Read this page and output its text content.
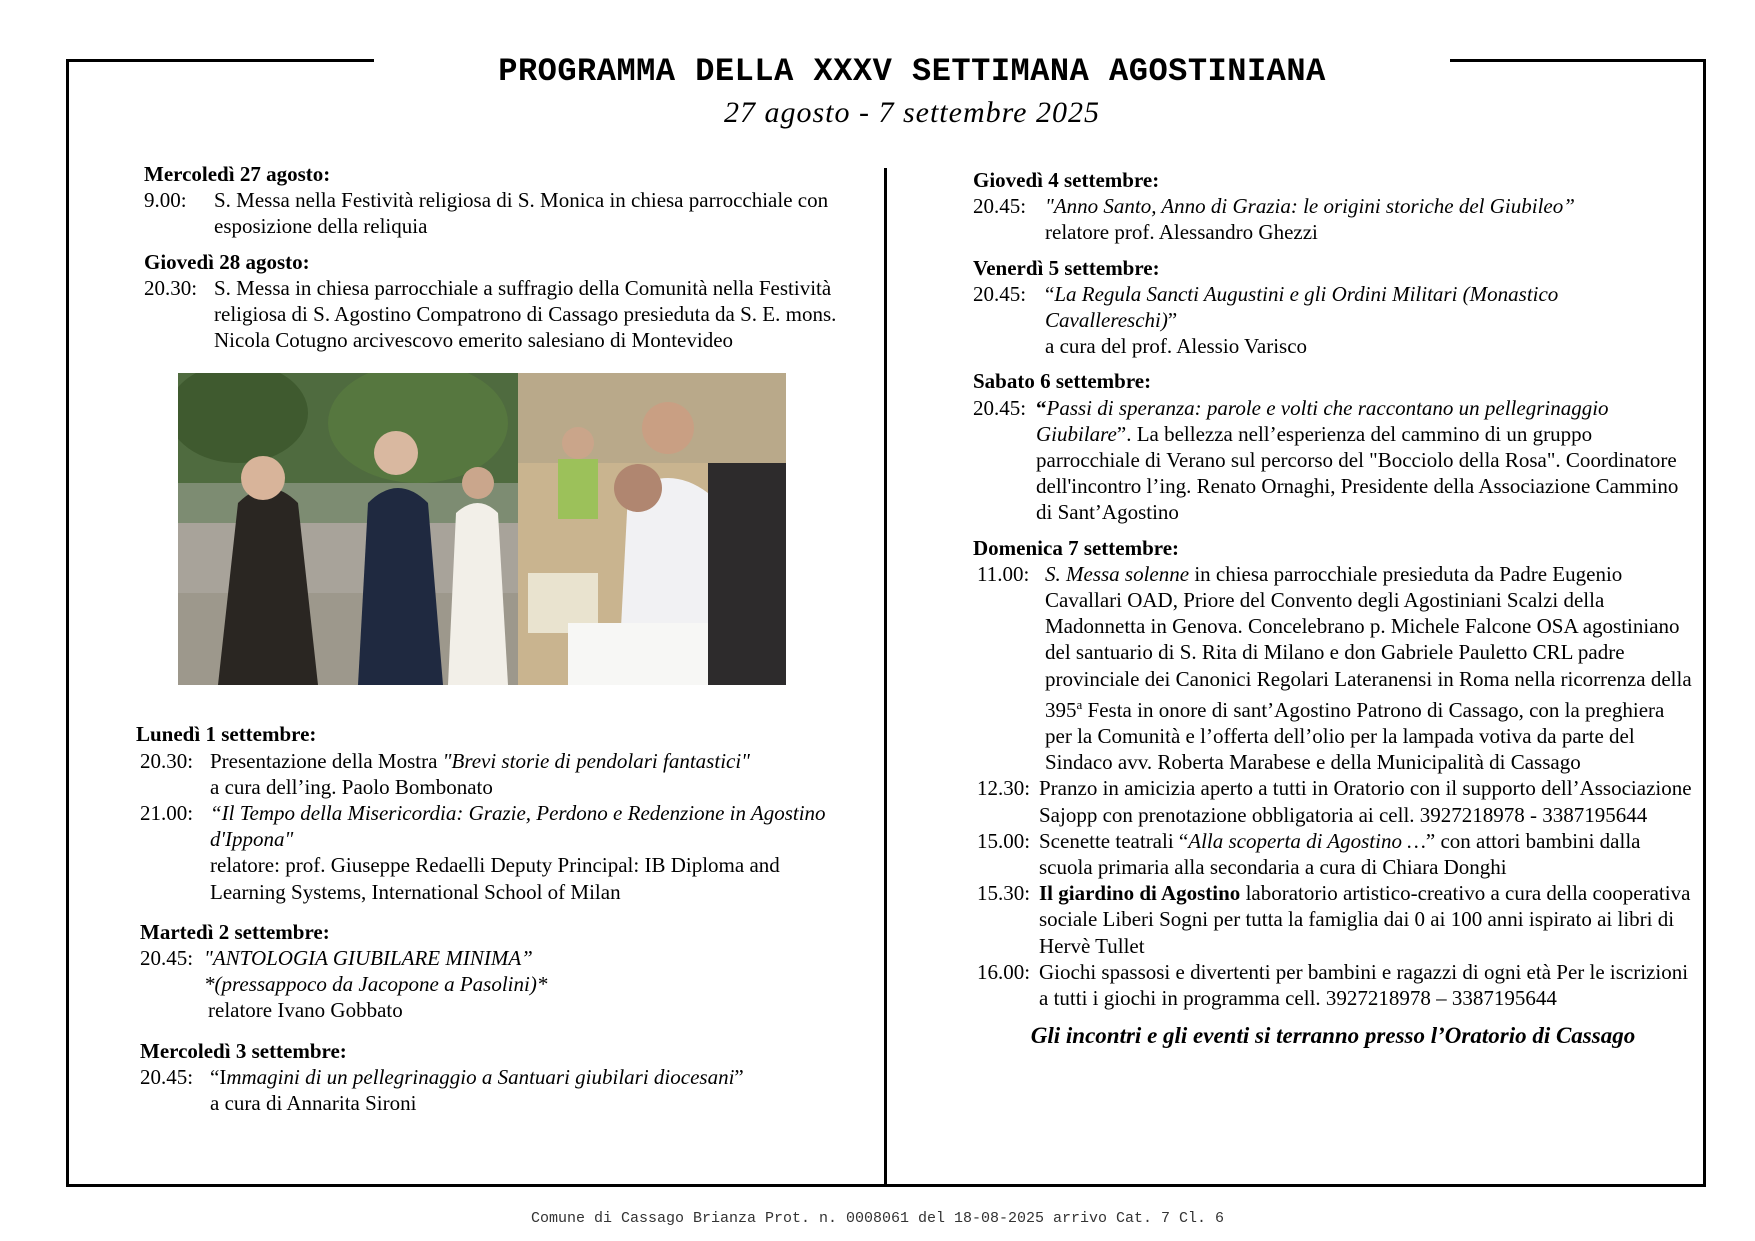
PROGRAMMA DELLA XXXV SETTIMANA AGOSTINIANA
27 agosto - 7 settembre 2025
Mercoledì 27 agosto:
9.00:	S. Messa nella Festività religiosa di S. Monica in chiesa parrocchiale con esposizione della reliquia
Giovedì 28 agosto:
20.30: S. Messa in chiesa parrocchiale a suffragio della Comunità nella Festività religiosa di S. Agostino Compatrono di Cassago presieduta da S. E. mons. Nicola Cotugno arcivescovo emerito salesiano di Montevideo
Lunedì 1 settembre:
20.30: Presentazione della Mostra "Brevi storie di pendolari fantastici"
a cura dell’ing. Paolo Bombonato
21.00: “Il Tempo della Misericordia: Grazie, Perdono e Redenzione in Agostino d'Ippona"
relatore: prof. Giuseppe Redaelli Deputy Principal: IB Diploma and Learning Systems, International School of Milan
Martedì 2 settembre:
20.45: "ANTOLOGIA GIUBILARE MINIMA”
*(pressappoco da Jacopone a Pasolini)*
relatore Ivano Gobbato
Mercoledì 3 settembre:
20.45: “Immagini di un pellegrinaggio a Santuari giubilari diocesani”
a cura di Annarita Sironi
Giovedì 4 settembre:
20.45: "Anno Santo, Anno di Grazia: le origini storiche del Giubileo”
relatore prof. Alessandro Ghezzi
Venerdì 5 settembre:
20.45: “La Regula Sancti Augustini e gli Ordini Militari (Monastico Cavallereschi)”
a cura del prof. Alessio Varisco
Sabato 6 settembre:
20.45: “Passi di speranza: parole e volti che raccontano un pellegrinaggio Giubilare”. La bellezza nell’esperienza del cammino di un gruppo parrocchiale di Verano sul percorso del "Bocciolo della Rosa". Coordinatore dell'incontro l’ing. Renato Ornaghi, Presidente della Associazione Cammino di Sant’Agostino
Domenica 7 settembre:
11.00: S. Messa solenne in chiesa parrocchiale presieduta da Padre Eugenio Cavallari OAD, Priore del Convento degli Agostiniani Scalzi della Madonnetta in Genova. Concelebrano p. Michele Falcone OSA agostiniano del santuario di S. Rita di Milano e don Gabriele Pauletto CRL padre provinciale dei Canonici Regolari Lateranensi in Roma nella ricorrenza della 395$^a$ Festa in onore di sant’Agostino Patrono di Cassago, con la preghiera per la Comunità e l’offerta dell’olio per la lampada votiva da parte del Sindaco avv. Roberta Marabese e della Municipalità di Cassago
12.30: Pranzo in amicizia aperto a tutti in Oratorio con il supporto dell’Associazione Sajopp con prenotazione obbligatoria ai cell. 3927218978 - 3387195644
15.00: Scenette teatrali “Alla scoperta di Agostino …” con attori bambini dalla scuola primaria alla secondaria a cura di Chiara Donghi
15.30: Il giardino di Agostino laboratorio artistico-creativo a cura della cooperativa sociale Liberi Sogni per tutta la famiglia dai 0 ai 100 anni ispirato ai libri di Hervè Tullet
16.00: Giochi spassosi e divertenti per bambini e ragazzi di ogni età Per le iscrizioni a tutti i giochi in programma cell. 3927218978 – 3387195644
Gli incontri e gli eventi si terranno presso l’Oratorio di Cassago
Comune di Cassago Brianza Prot. n. 0008061 del 18-08-2025 arrivo Cat. 7 Cl. 6
